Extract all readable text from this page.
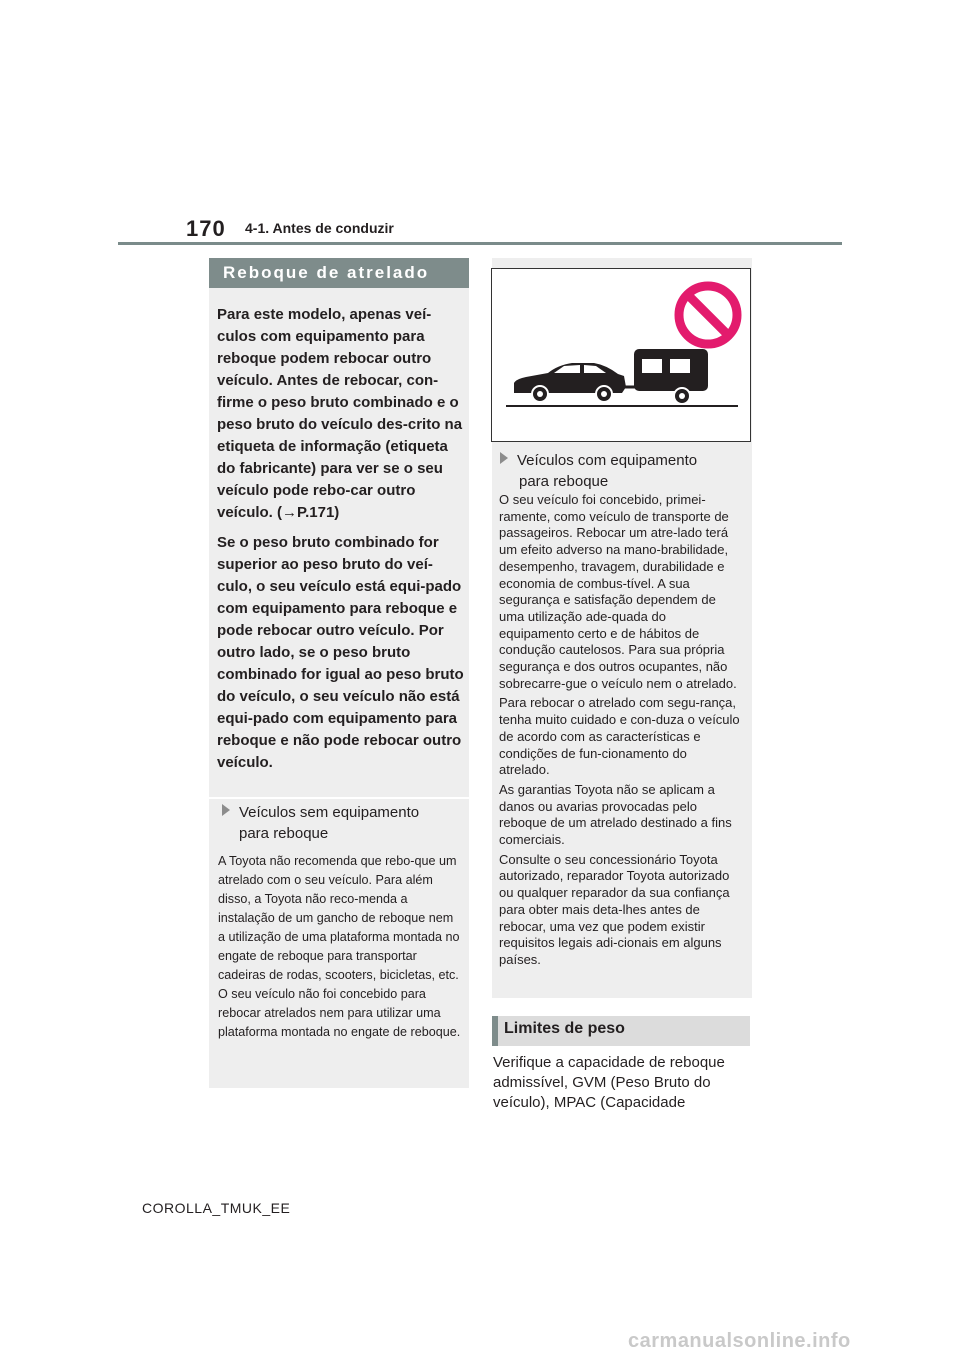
170 4-1. Antes de conduzir
Reboque de atrelado

Para este modelo, apenas veí-culos com equipamento para reboque podem rebocar outro veículo. Antes de rebocar, con-firme o peso bruto combinado e o peso bruto do veículo des-crito na etiqueta de informação (etiqueta do fabricante) para ver se o seu veículo pode rebo-car outro veículo. (→P.171)

Se o peso bruto combinado for superior ao peso bruto do veí-culo, o seu veículo está equi-pado com equipamento para reboque e pode rebocar outro veículo. Por outro lado, se o peso bruto combinado for igual ao peso bruto do veículo, o seu veículo não está equi-pado com equipamento para reboque e não pode rebocar outro veículo.

Veículos sem equipamento
para reboque
A Toyota não recomenda que rebo-que um atrelado com o seu veículo. Para além disso, a Toyota não reco-menda a instalação de um gancho de reboque nem a utilização de uma plataforma montada no engate de reboque para transportar cadeiras de rodas, scooters, bicicletas, etc. O seu veículo não foi concebido para rebocar atrelados nem para utilizar uma plataforma montada no engate de reboque.
Veículos com equipamento
para reboque

O seu veículo foi concebido, primei-ramente, como veículo de transporte de passageiros. Rebocar um atre-lado terá um efeito adverso na mano-brabilidade, desempenho, travagem, durabilidade e economia de combus-tível. A sua segurança e satisfação dependem de uma utilização ade-quada do equipamento certo e de hábitos de condução cautelosos. Para sua própria segurança e dos outros ocupantes, não sobrecarre-gue o veículo nem o atrelado.

Para rebocar o atrelado com segu-rança, tenha muito cuidado e con-duza o veículo de acordo com as características e condições de fun-cionamento do atrelado.

As garantias Toyota não se aplicam a danos ou avarias provocadas pelo reboque de um atrelado destinado a fins comerciais.

Consulte o seu concessionário Toyota autorizado, reparador Toyota autorizado ou qualquer reparador da sua confiança para obter mais deta-lhes antes de rebocar, uma vez que podem existir requisitos legais adi-cionais em alguns países.

Limites de peso
Verifique a capacidade de reboque admissível, GVM (Peso Bruto do veículo), MPAC (Capacidade
COROLLA_TMUK_EE
carmanualsonline.info
